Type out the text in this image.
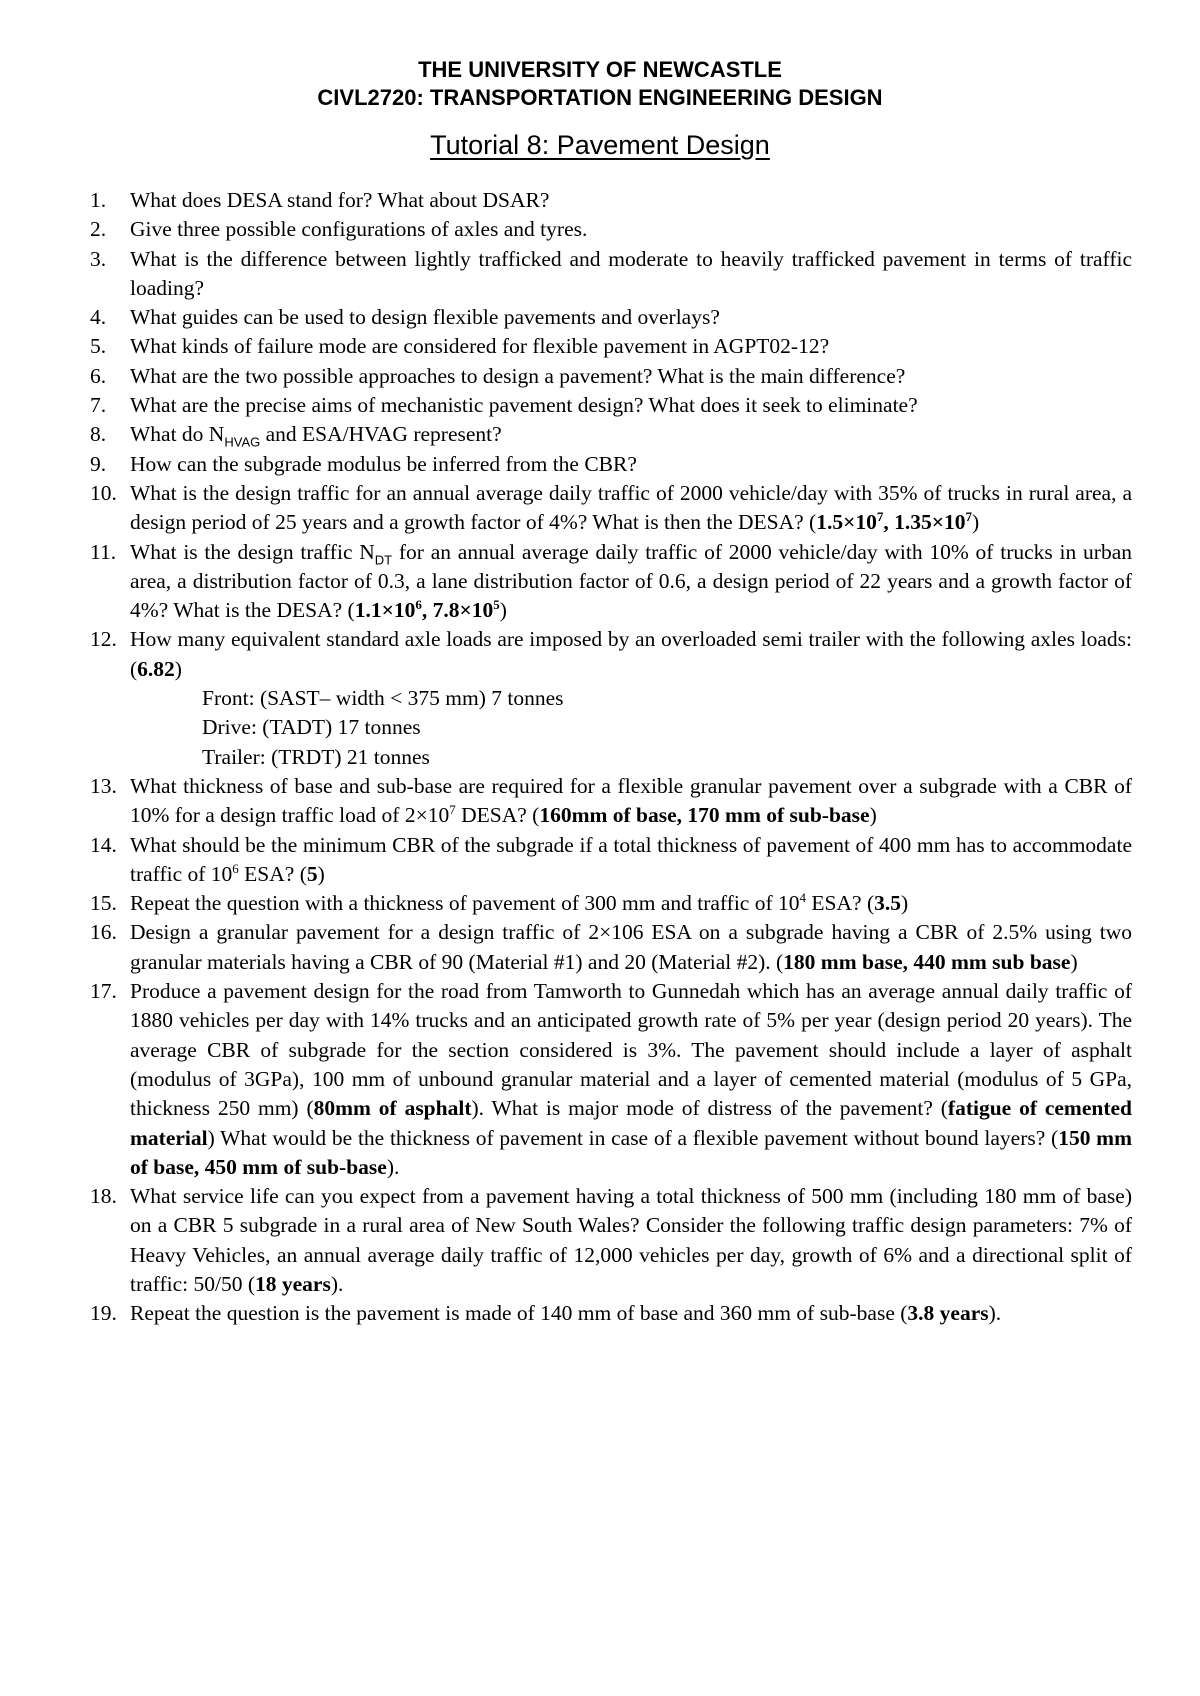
THE UNIVERSITY OF NEWCASTLE
CIVL2720: TRANSPORTATION ENGINEERING DESIGN
Tutorial 8: Pavement Design
1.	What does DESA stand for? What about DSAR?
2.	Give three possible configurations of axles and tyres.
3.	What is the difference between lightly trafficked and moderate to heavily trafficked pavement in terms of traffic loading?
4.	What guides can be used to design flexible pavements and overlays?
5.	What kinds of failure mode are considered for flexible pavement in AGPT02-12?
6.	What are the two possible approaches to design a pavement? What is the main difference?
7.	What are the precise aims of mechanistic pavement design? What does it seek to eliminate?
8.	What do $N_{HVAG}$ and ESA/HVAG represent?
9.	How can the subgrade modulus be inferred from the CBR?
10. What is the design traffic for an annual average daily traffic of 2000 vehicle/day with 35% of trucks in rural area, a design period of 25 years and a growth factor of 4%? What is then the DESA? ($1.5\times 10^7$, $1.35\times 10^7$)
11. What is the design traffic $N_{DT}$ for an annual average daily traffic of 2000 vehicle/day with 10% of trucks in urban area, a distribution factor of 0.3, a lane distribution factor of 0.6, a design period of 22 years and a growth factor of 4%? What is the DESA? ($1.1\times 10^6$, $7.8\times 10^5$)
12. How many equivalent standard axle loads are imposed by an overloaded semi trailer with the following axles loads: (6.82)
Front: (SAST– width < 375 mm) 7 tonnes
Drive: (TADT) 17 tonnes
Trailer: (TRDT) 21 tonnes
13. What thickness of base and sub-base are required for a flexible granular pavement over a subgrade with a CBR of 10% for a design traffic load of $2\times 10^7$ DESA? (160mm of base, 170 mm of sub-base)
14. What should be the minimum CBR of the subgrade if a total thickness of pavement of 400 mm has to accommodate traffic of $10^6$ ESA? (5)
15. Repeat the question with a thickness of pavement of 300 mm and traffic of $10^4$ ESA? (3.5)
16. Design a granular pavement for a design traffic of 2×106 ESA on a subgrade having a CBR of 2.5% using two granular materials having a CBR of 90 (Material #1) and 20 (Material #2). (180 mm base, 440 mm sub base)
17. Produce a pavement design for the road from Tamworth to Gunnedah which has an average annual daily traffic of 1880 vehicles per day with 14% trucks and an anticipated growth rate of 5% per year (design period 20 years). The average CBR of subgrade for the section considered is 3%. The pavement should include a layer of asphalt (modulus of 3GPa), 100 mm of unbound granular material and a layer of cemented material (modulus of 5 GPa, thickness 250 mm) (80mm of asphalt). What is major mode of distress of the pavement? (fatigue of cemented material) What would be the thickness of pavement in case of a flexible pavement without bound layers? (150 mm of base, 450 mm of sub-base).
18. What service life can you expect from a pavement having a total thickness of 500 mm (including 180 mm of base) on a CBR 5 subgrade in a rural area of New South Wales? Consider the following traffic design parameters: 7% of Heavy Vehicles, an annual average daily traffic of 12,000 vehicles per day, growth of 6% and a directional split of traffic: 50/50 (18 years).
19. Repeat the question is the pavement is made of 140 mm of base and 360 mm of sub-base (3.8 years).
